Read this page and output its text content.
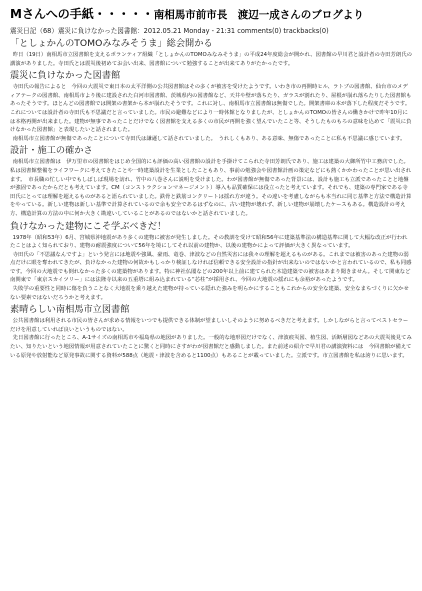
Mさんへの手紙・・・・・南相馬市前市長　渡辺一成さんのブログより
震災日記（68）震災に負けなかった図書館：2012.05.21 Monday - 21:31 comments(0) trackbacks(0)
「としょかんのTOMOみなみそうま」総会開かる

昨日（19日）南相馬市立図書館を支えるボランティア組織「としょかんのTOMOみなみそうま」の平成24年度総会が開かれ、図書館の早川君と設計者の寺田芳朗氏の講演がありました。寺田氏とは震災後初めてお会い出来、図書館について勉強することが出来てありがたかったです。

震災に負けなかった図書館

寺田氏の報告によると　今回の大震災で東日本の太平洋側の公共図書館はその多くが被害を受けたようです。いわき市の再開時ヒル、ラトブの図書館、仙台市のメディアテークの図書館、南相馬市より後に建設された白河市図書館、茨城県内の図書館など、天井や壁が落ちたり、ガラスが割れたり、屋根が崩れ落ちたりした図書館もあったそうです。ほとんどの図書館では開架の書架から本が崩れたそうです。これに対し、南相馬市立図書館は無傷でした。開架書庫の本が落下した程度だそうです。これについては設計者の寺田氏も不思議だと言っていました。市民の避難などにより一時休館となりましたが、としょかんのTOMOの皆さんの働きかけで昨年10月には本格再開が出来ました。建物が無事であったことだけでなく図書館を支える多くの市民が再開を強く望んでいたこと等、そうしたものもろの意味を込めて「震災に負けなかった図書館」と表現したいと話されました。

南相馬市立図書館が無傷であったことについて寺田氏は謙遜して話されていました。　うれしくもあり、ある意味、無傷であったことに私も不思議に感じています。

設計・施工の確かさ

南相馬市立図書館は　伊万里市の図書館をはじめ全国的にも評価の高い図書館の設計を手掛けてこられた寺田芳朗氏であり、施工は建築の大御所竹中工務店でした。私は図書館整備をライフワークに考えてきたことや一時建築設計を生業としたこともあり、事前の勉強会や図書館計画の策定などにも熱くかかわったことが思い出されます。　市長職の忙しい中でもしばしば現場を訪れ、竹中の八巻さんに説明を受けました。わが図書館が無傷であった背景には、設計も施工も立派であったことと地盤が強固であったからだとも考えています。CM（コンストラクションマネージメント）導入も品質確保には役立ったと考えています。それでも、建築の専門家である寺田氏にとっては理解を超えるものがあると語られていました。鉄骨と鉄筋コンクリートは揺れ方が違う。その違いを考慮しながらも本当れに同じ基準と方法で構造計算をやっている。新しい建物は新しい基準で計算されているので余も安全であるはずなのに、古い建物が壊れず、新しい建物が崩壊したケースもある。構造設計の考え方、構造計算の方法の中に何か大きく勘違いしていることがあるのではないかと話されていました。

負けなかった建物にこそ学ぶべきだ！

1978年（昭和53年）6月、宮城県沖地震があり多くの建物に被害が発生しました。その教訓を受けて昭和56年に建築基準法の構造基準に関して大幅な改正が行われたことはよく知られており、建物の耐震強度について56年を境にしてそれ以前の建物か、以後の建物かによって評価が大きく異なっています。

寺田氏の「不思議なんですよ」という発言には地震や強風、豪雨、竜巻、津波などの自然災害には我々の理解を超えるものがある。これまでは被害のあった建物の弱点だけに眼を奪われてきたが、負けなかった建物の何故かもしっかり検証しなければ信頼できる安全設計の指針が出来ないのではないかと言われているので、私も同感です。今回の大地震でも倒れなかった多くの建築物があります。特に神社仏閣などの200年以上前に建てられた木造建築での被害はあまり聞きません。そして関東など南関東で「東京スカイツリー」には法隆寺以来の五重塔に組み込まれている“芯柱”が採用され、今回の大地震の揺れにも余裕があったようです。

失敗学の重要性と同時に傷を負うことなく大地震を乗り越えた建物が持っている隠れた強みを明らかにすることもこれからの安全な建築、安全なまちづくりに欠かせない要素ではないだろうかと考えます。

素晴らしい南相馬市立図書館

公共図書館は利用される市民の皆さんが求める情報をいつでも提供できる体制が望ましいしそのように努めるべきだと考えます。しかしながらと言ってベストセラーだけを用意していれば良いというものではない。

先日図書館に行ったところ、A-1サイズの南相馬市や福島県の地図がありました。一般的な地形図だけでなく、津波痕災図、植生図、活断層図などあの大震災後見てみたい、知りたいという地図情報が用意されていたことに驚くと同時にさすがわが図書館だと感動しました。また前述の紹介で早川君の講演資料には　今回書館が備えている原発や放射能など原発事故に関する資料が588点（地震・津波を含めると1100点）もあることが載っていました。立派です。市立図書館を私は誇りに思います。
